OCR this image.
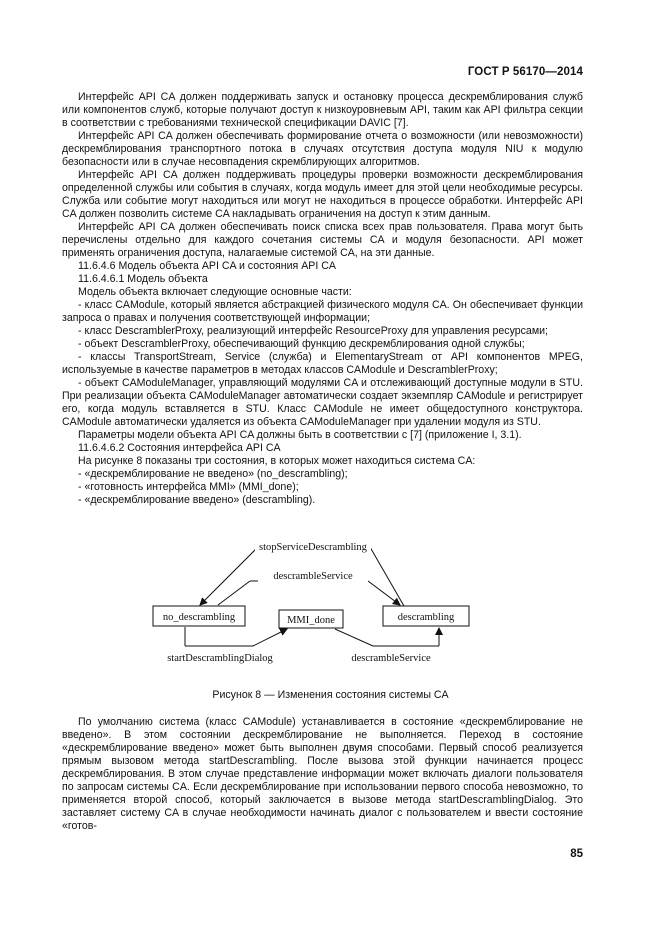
ГОСТ Р 56170—2014

Интерфейс API CA должен поддерживать запуск и остановку процесса дескремблирования служб или компонентов служб, которые получают доступ к низкоуровневым API, таким как API фильтра секции в соответствии с требованиями технической спецификации DAVIC [7].

Интерфейс API CA должен обеспечивать формирование отчета о возможности (или невозможности) дескремблирования транспортного потока в случаях отсутствия доступа модуля NIU к модулю безопасности или в случае несовпадения скремблирующих алгоритмов.

Интерфейс API CA должен поддерживать процедуры проверки возможности дескремблирования определенной службы или события в случаях, когда модуль имеет для этой цели необходимые ресурсы. Служба или событие могут находиться или могут не находиться в процессе обработки. Интерфейс API CA должен позволить системе CA накладывать ограничения на доступ к этим данным.

Интерфейс API CA должен обеспечивать поиск списка всех прав пользователя. Права могут быть перечислены отдельно для каждого сочетания системы CA и модуля безопасности. API может применять ограничения доступа, налагаемые системой CA, на эти данные.

11.6.4.6 Модель объекта API CA и состояния API CA

11.6.4.6.1 Модель объекта

Модель объекта включает следующие основные части:

- класс CAModule, который является абстракцией физического модуля CA. Он обеспечивает функции запроса о правах и получения соответствующей информации;

- класс DescramblerProxy, реализующий интерфейс ResourceProxy для управления ресурсами;

- объект DescramblerProxy, обеспечивающий функцию дескремблирования одной службы;

- классы TransportStream, Service (служба) и ElementaryStream от API компонентов MPEG, используемые в качестве параметров в методах классов CAModule и DescramblerProxy;

- объект CAModuleManager, управляющий модулями CA и отслеживающий доступные модули в STU. При реализации объекта CAModuleManager автоматически создает экземпляр CAModule и регистрирует его, когда модуль вставляется в STU. Класс CAModule не имеет общедоступного конструктора. CAModule автоматически удаляется из объекта CAModuleManager при удалении модуля из STU.

Параметры модели объекта API CA должны быть в соответствии с [7] (приложение I, 3.1).

11.6.4.6.2 Состояния интерфейса API CA

На рисунке 8 показаны три состояния, в которых может находиться система CA:

- «дескремблирование не введено» (no_descrambling);

- «готовность интерфейса MMI» (MMI_done);

- «дескремблирование введено» (descrambling).

no_descrambling	MMI_done	descrambling
stopServiceDescrambling
descrambleService
startDescramblingDialog	descrambleService
Рисунок 8 — Изменения состояния системы CA

По умолчанию система (класс CAModule) устанавливается в состояние «дескремблирование не введено». В этом состоянии дескремблирование не выполняется. Переход в состояние «дескремблирование введено» может быть выполнен двумя способами. Первый способ реализуется прямым вызовом метода startDescrambling. После вызова этой функции начинается процесс дескремблирования. В этом случае представление информации может включать диалоги пользователя по запросам системы CA. Если дескремблирование при использовании первого способа невозможно, то применяется второй способ, который заключается в вызове метода startDescramblingDialog. Это заставляет систему CA в случае необходимости начинать диалог с пользователем и ввести состояние «готов-

85
